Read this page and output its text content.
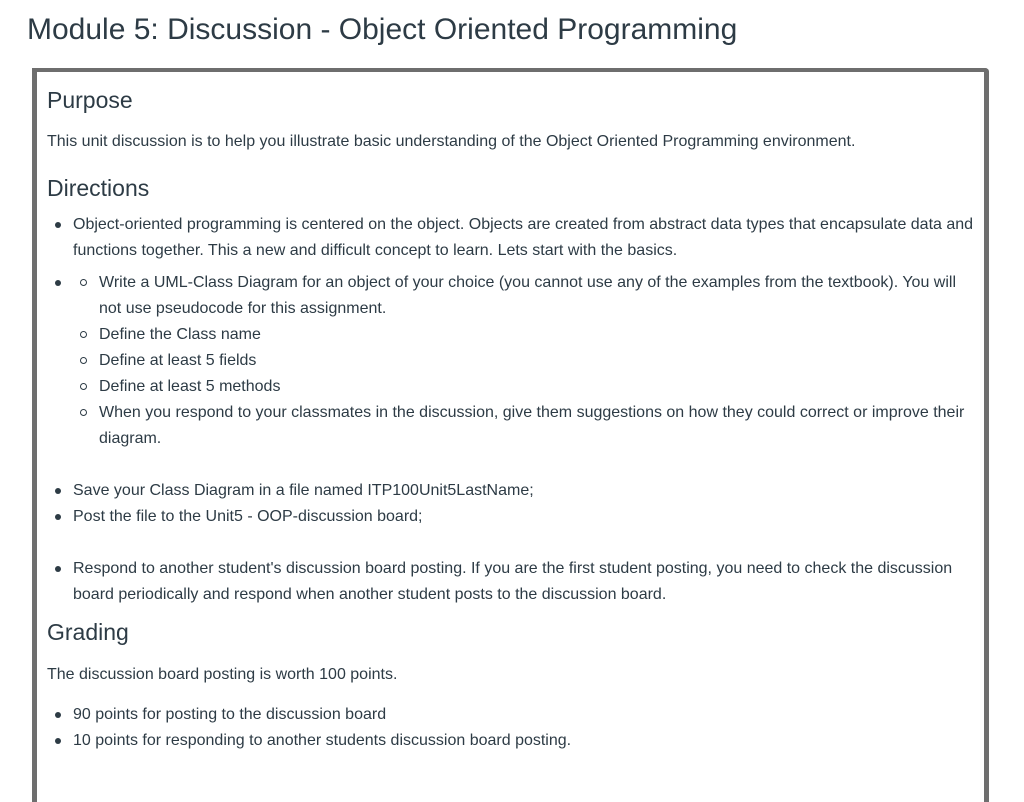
Module 5: Discussion - Object Oriented Programming
Purpose

This unit discussion is to help you illustrate basic understanding of the Object Oriented Programming environment.

Directions
Object-oriented programming is centered on the object. Objects are created from abstract data types that encapsulate data and functions together. This a new and difficult concept to learn. Lets start with the basics.
Write a UML-Class Diagram for an object of your choice (you cannot use any of the examples from the textbook). You will not use pseudocode for this assignment.
Define the Class name
Define at least 5 fields
Define at least 5 methods
When you respond to your classmates in the discussion, give them suggestions on how they could correct or improve their diagram.
Save your Class Diagram in a file named ITP100Unit5LastName;
Post the file to the Unit5 - OOP-discussion board;
Respond to another student's discussion board posting. If you are the first student posting, you need to check the discussion board periodically and respond when another student posts to the discussion board.
Grading

The discussion board posting is worth 100 points.

90 points for posting to the discussion board
10 points for responding to another students discussion board posting.
